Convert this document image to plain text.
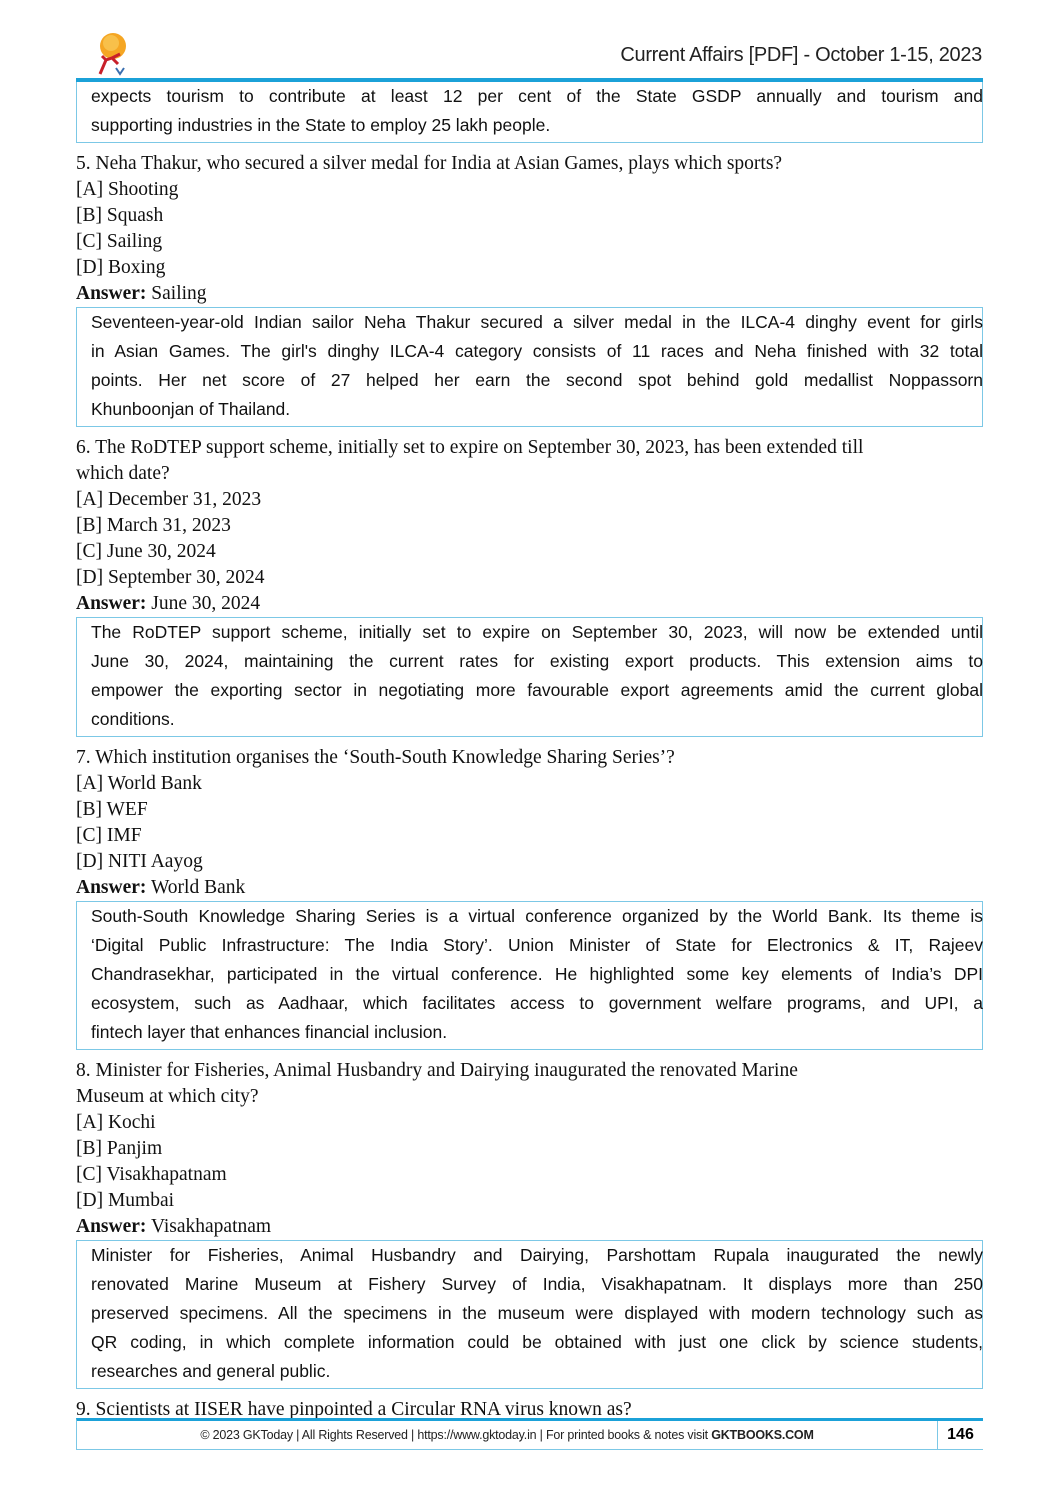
Current Affairs [PDF] - October 1-15, 2023
expects tourism to contribute at least 12 per cent of the State GSDP annually and tourism and
supporting industries in the State to employ 25 lakh people.
5. Neha Thakur, who secured a silver medal for India at Asian Games, plays which sports?
[A] Shooting
[B] Squash
[C] Sailing
[D] Boxing
Answer: Sailing
Seventeen-year-old Indian sailor Neha Thakur secured a silver medal in the ILCA-4 dinghy event for girls
in Asian Games. The girl's dinghy ILCA-4 category consists of 11 races and Neha finished with 32 total
points. Her net score of 27 helped her earn the second spot behind gold medallist Noppassorn
Khunboonjan of Thailand.
6. The RoDTEP support scheme, initially set to expire on September 30, 2023, has been extended till
which date?
[A] December 31, 2023
[B] March 31, 2023
[C] June 30, 2024
[D] September 30, 2024
Answer: June 30, 2024
The RoDTEP support scheme, initially set to expire on September 30, 2023, will now be extended until
June 30, 2024, maintaining the current rates for existing export products. This extension aims to
empower the exporting sector in negotiating more favourable export agreements amid the current global
conditions.
7. Which institution organises the ‘South-South Knowledge Sharing Series’?
[A] World Bank
[B] WEF
[C] IMF
[D] NITI Aayog
Answer: World Bank
South-South Knowledge Sharing Series is a virtual conference organized by the World Bank. Its theme is
‘Digital Public Infrastructure: The India Story’. Union Minister of State for Electronics & IT, Rajeev
Chandrasekhar, participated in the virtual conference. He highlighted some key elements of India’s DPI
ecosystem, such as Aadhaar, which facilitates access to government welfare programs, and UPI, a
fintech layer that enhances financial inclusion.
8. Minister for Fisheries, Animal Husbandry and Dairying inaugurated the renovated Marine
Museum at which city?
[A] Kochi
[B] Panjim
[C] Visakhapatnam
[D] Mumbai
Answer: Visakhapatnam
Minister for Fisheries, Animal Husbandry and Dairying, Parshottam Rupala inaugurated the newly
renovated Marine Museum at Fishery Survey of India, Visakhapatnam. It displays more than 250
preserved specimens. All the specimens in the museum were displayed with modern technology such as
QR coding, in which complete information could be obtained with just one click by science students,
researches and general public.
9. Scientists at IISER have pinpointed a Circular RNA virus known as?
© 2023 GKToday | All Rights Reserved | https://www.gktoday.in | For printed books & notes visit GKTBOOKS.COM	146
